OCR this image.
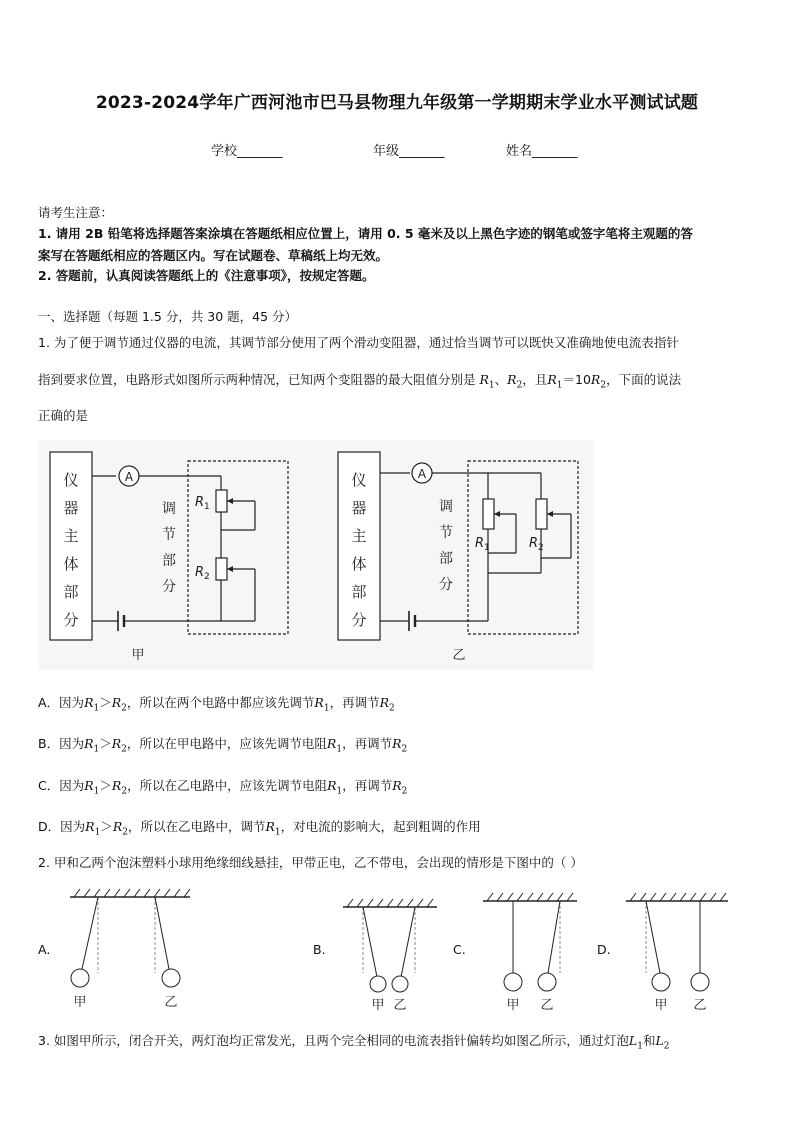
2023-2024学年广西河池市巴马县物理九年级第一学期期末学业水平测试试题
学校_______	年级_______	姓名_______
请考生注意：
1. 请用 2B 铅笔将选择题答案涂填在答题纸相应位置上，请用 0. 5 毫米及以上黑色字迹的钢笔或签字笔将主观题的答
案写在答题纸相应的答题区内。写在试题卷、草稿纸上均无效。
2. 答题前，认真阅读答题纸上的《注意事项》，按规定答题。
一、选择题（每题 1.5 分，共 30 题，45 分）
1. 为了便于调节通过仪器的电流，其调节部分使用了两个滑动变阻器，通过恰当调节可以既快又准确地使电流表指针
指到要求位置，电路形式如图所示两种情况，已知两个变阻器的最大阻值分别是 $R_1$、$R_2$，且$R_1=10R_2$，下面的说法
正确的是
仪
器
主
体
部
分
A
调
节
部
分
$R_1$
$R_2$
甲
仪
器
主
体
部
分
A
调
节
部
分
$R_1$	$R_2$
乙
A．因为$R_1>R_2$，所以在两个电路中都应该先调节$R_1$，再调节$R_2$
B．因为$R_1>R_2$，所以在甲电路中，应该先调节电阻$R_1$，再调节$R_2$
C．因为$R_1>R_2$，所以在乙电路中，应该先调节电阻$R_1$，再调节$R_2$
D．因为$R_1>R_2$，所以在乙电路中，调节$R_1$，对电流的影响大，起到粗调的作用
2. 甲和乙两个泡沫塑料小球用绝缘细线悬挂，甲带正电，乙不带电，会出现的情形是下图中的（ ）
A.	B.	C.	D.
甲	乙	甲 乙	甲 乙	甲 乙
3. 如图甲所示，闭合开关，两灯泡均正常发光，且两个完全相同的电流表指针偏转均如图乙所示，通过灯泡$L_1$和$L_2$
